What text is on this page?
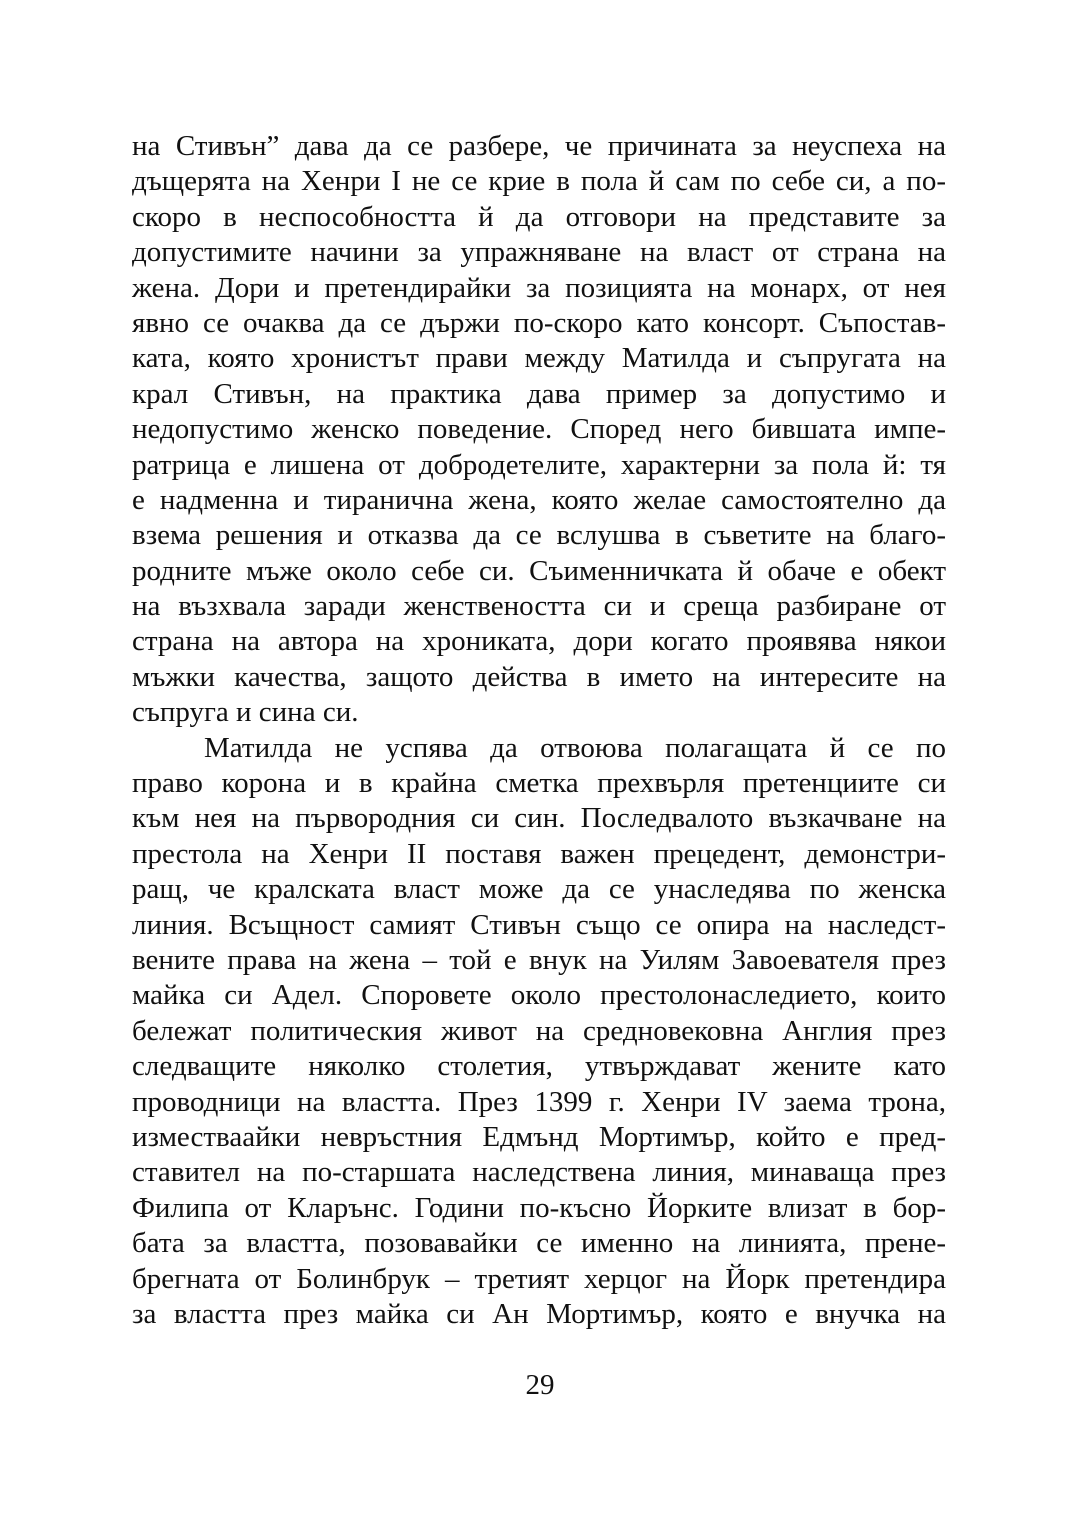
на Стивън” дава да се разбере, че причината за неуспеха на
дъщерята на Хенри I не се крие в пола й сам по себе си, а по-
скоро в неспособността й да отговори на представите за
допустимите начини за упражняване на власт от страна на
жена. Дори и претендирайки за позицията на монарх, от нея
явно се очаква да се държи по-скоро като консорт. Съпостав-
ката, която хронистът прави между Матилда и съпругата на
крал Стивън, на практика дава пример за допустимо и
недопустимо женско поведение. Според него бившата импе-
ратрица е лишена от добродетелите, характерни за пола й: тя
е надменна и тиранична жена, която желае самостоятелно да
взема решения и отказва да се вслушва в съветите на благо-
родните мъже около себе си. Съименничката й обаче е обект
на възхвала заради женствеността си и среща разбиране от
страна на автора на хрониката, дори когато проявява някои
мъжки качества, защото действа в името на интересите на
съпруга и сина си.
Матилда не успява да отвоюва полагащата й се по
право корона и в крайна сметка прехвърля претенциите си
към нея на първородния си син. Последвалото възкачване на
престола на Хенри II поставя важен прецедент, демонстри-
ращ, че кралската власт може да се унаследява по женска
линия. Всъщност самият Стивън също се опира на наследст-
вените права на жена – той е внук на Уилям Завоевателя през
майка си Адел. Споровете около престолонаследието, които
бележат политическия живот на средновековна Англия през
следващите няколко столетия, утвърждават жените като
проводници на властта. През 1399 г. Хенри IV заема трона,
изместваайки невръстния Едмънд Мортимър, който е пред-
ставител на по-старшата наследствена линия, минаваща през
Филипа от Кларънс. Години по-късно Йорките влизат в бор-
бата за властта, позовавайки се именно на линията, прене-
брегната от Болинбрук – третият херцог на Йорк претендира
за властта през майка си Ан Мортимър, която е внучка на
29
